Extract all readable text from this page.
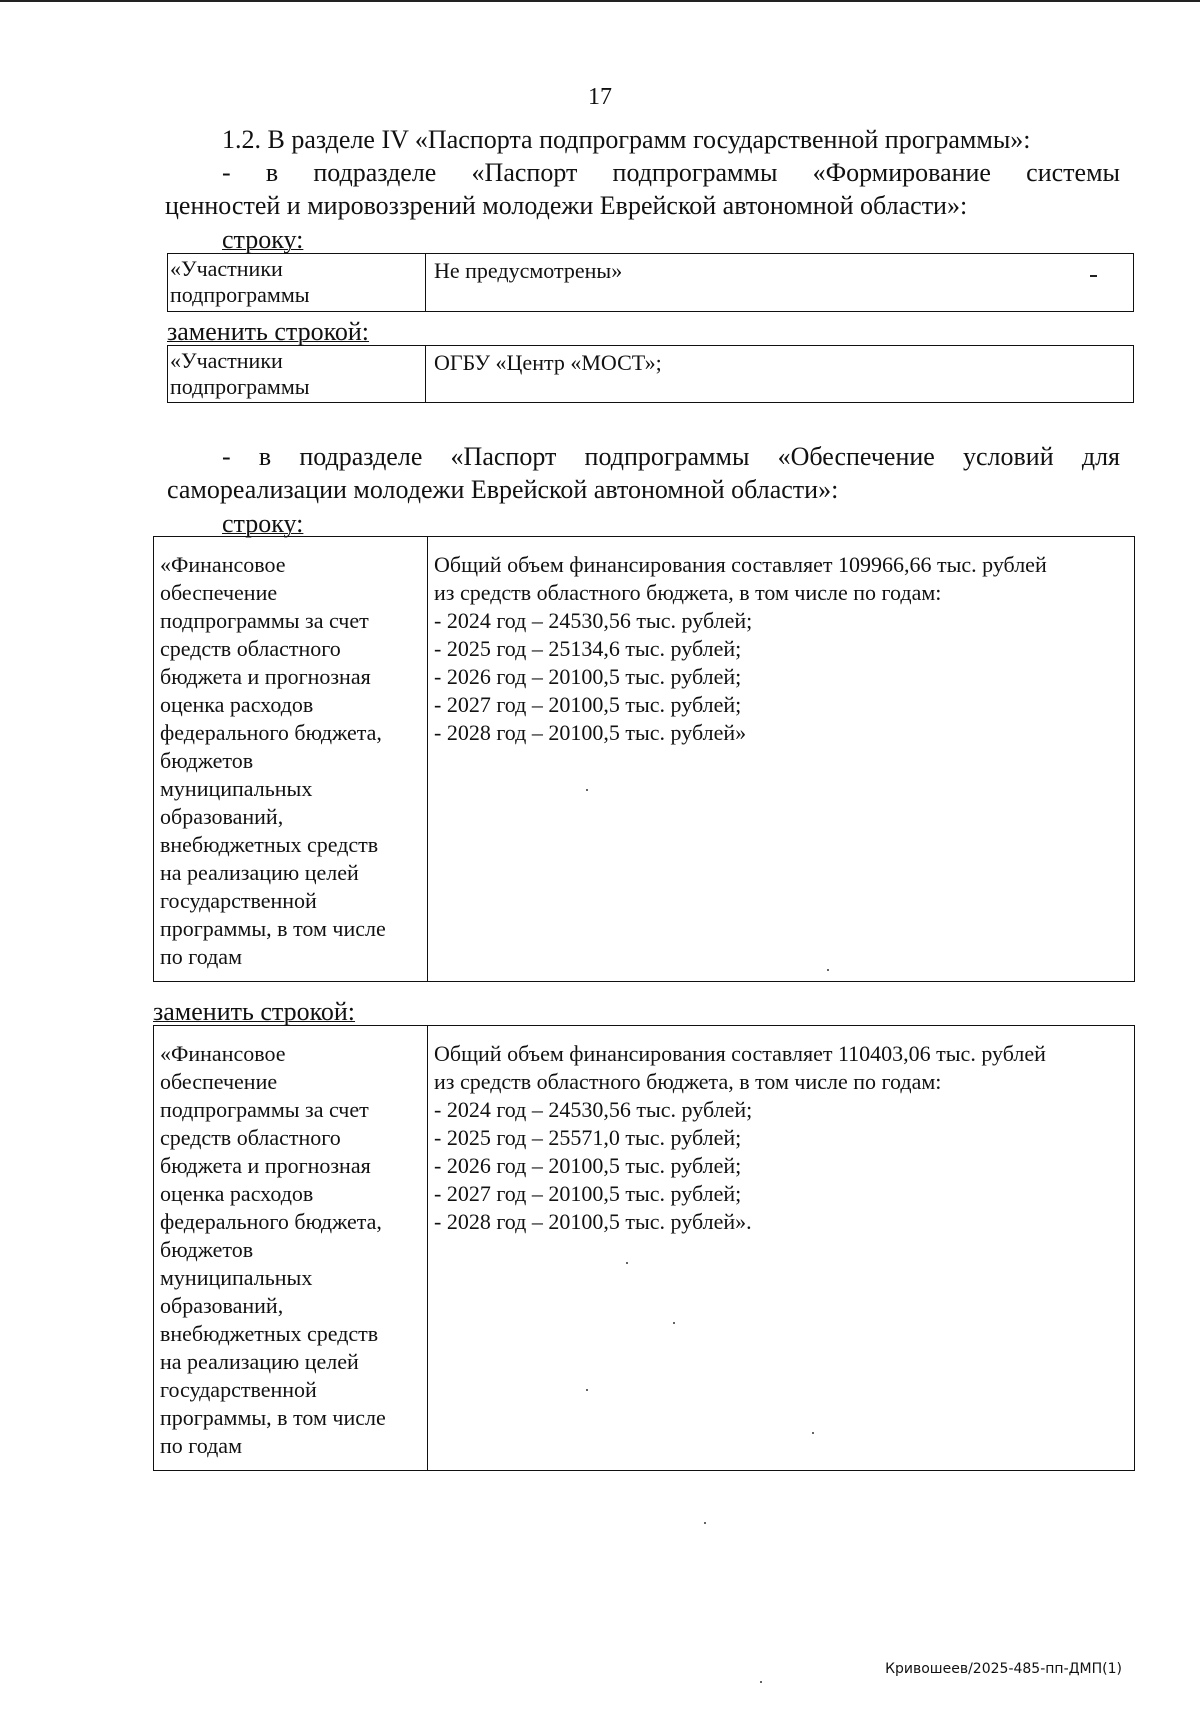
17
1.2. В разделе IV «Паспорта подпрограмм государственной программы»:
- в подразделе «Паспорт подпрограммы «Формирование системы
ценностей и мировоззрений молодежи Еврейской автономной области»:
строку:
«Участники
подпрограммы

Не предусмотрены»
заменить строкой:
«Участники
подпрограммы

ОГБУ «Центр «МОСТ»;
- в подразделе «Паспорт подпрограммы «Обеспечение условий для
самореализации молодежи Еврейской автономной области»:
строку:
«Финансовое
обеспечение
подпрограммы за счет
средств областного
бюджета и прогнозная
оценка расходов
федерального бюджета,
бюджетов
муниципальных
образований,
внебюджетных средств
на реализацию целей
государственной
программы, в том числе
по годам

Общий объем финансирования составляет 109966,66 тыс. рублей
из средств областного бюджета, в том числе по годам:
- 2024 год – 24530,56 тыс. рублей;
- 2025 год – 25134,6 тыс. рублей;
- 2026 год – 20100,5 тыс. рублей;
- 2027 год – 20100,5 тыс. рублей;
- 2028 год – 20100,5 тыс. рублей»
заменить строкой:
«Финансовое
обеспечение
подпрограммы за счет
средств областного
бюджета и прогнозная
оценка расходов
федерального бюджета,
бюджетов
муниципальных
образований,
внебюджетных средств
на реализацию целей
государственной
программы, в том числе
по годам

Общий объем финансирования составляет 110403,06 тыс. рублей
из средств областного бюджета, в том числе по годам:
- 2024 год – 24530,56 тыс. рублей;
- 2025 год – 25571,0 тыс. рублей;
- 2026 год – 20100,5 тыс. рублей;
- 2027 год – 20100,5 тыс. рублей;
- 2028 год – 20100,5 тыс. рублей».
Кривошеев/2025-485-пп-ДМП(1)
